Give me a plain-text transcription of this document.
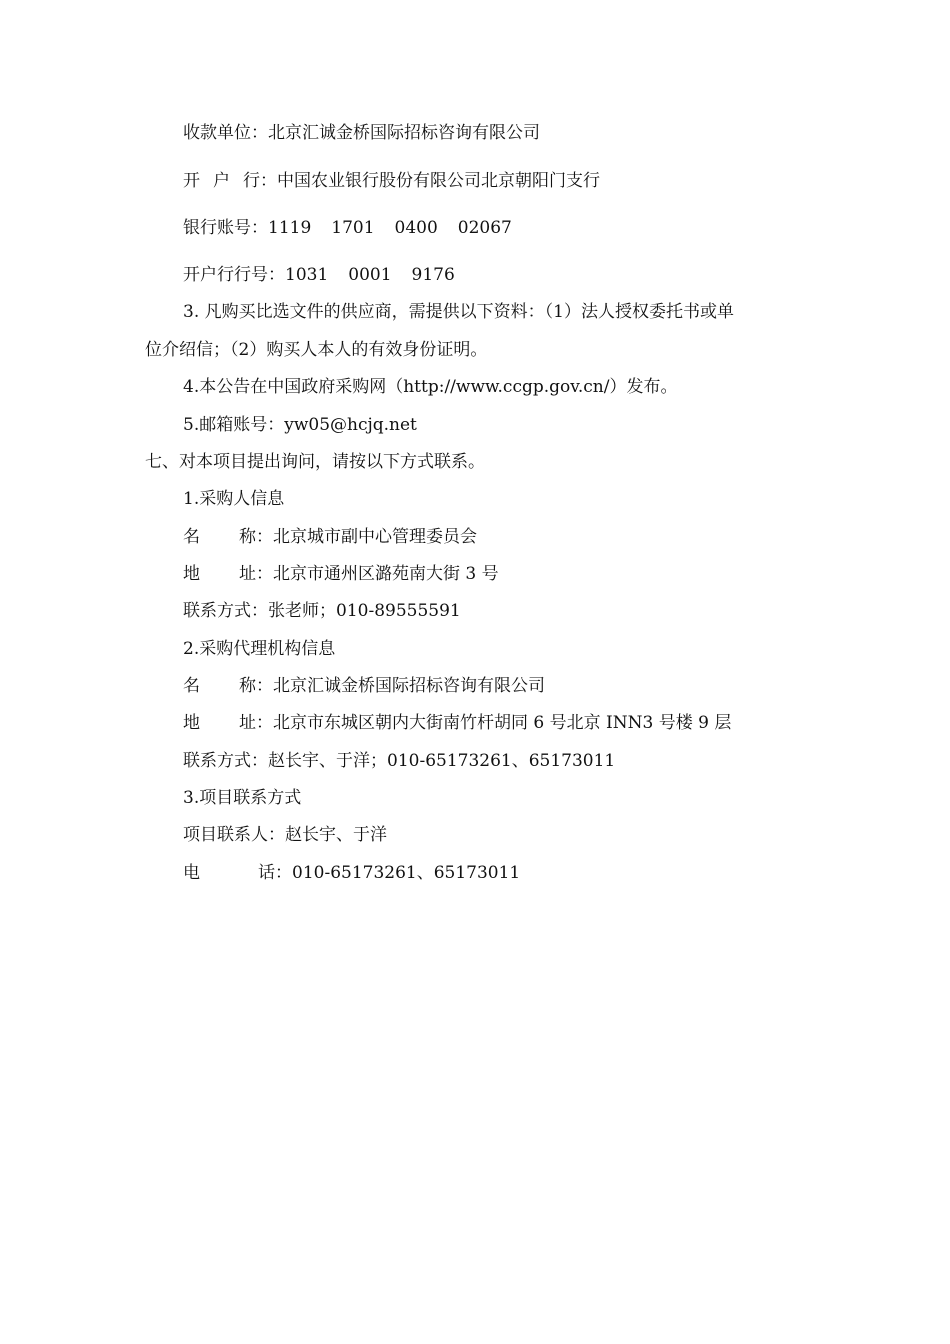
收款单位：北京汇诚金桥国际招标咨询有限公司
开 户 行：中国农业银行股份有限公司北京朝阳门支行
银行账号：1119 1701 0400 02067
开户行行号：1031 0001 9176
3. 凡购买比选文件的供应商，需提供以下资料：（1）法人授权委托书或单
位介绍信；（2）购买人本人的有效身份证明。
4.本公告在中国政府采购网（http://www.ccgp.gov.cn/）发布。
5.邮箱账号：yw05@hcjq.net
七、对本项目提出询问，请按以下方式联系。
1.采购人信息
名 称：北京城市副中心管理委员会
地 址：北京市通州区潞苑南大街 3 号
联系方式：张老师；010-89555591
2.采购代理机构信息
名 称：北京汇诚金桥国际招标咨询有限公司
地 址：北京市东城区朝内大街南竹杆胡同 6 号北京 INN3 号楼 9 层
联系方式：赵长宇、于洋；010-65173261、65173011
3.项目联系方式
项目联系人：赵长宇、于洋
电	话：010-65173261、65173011
